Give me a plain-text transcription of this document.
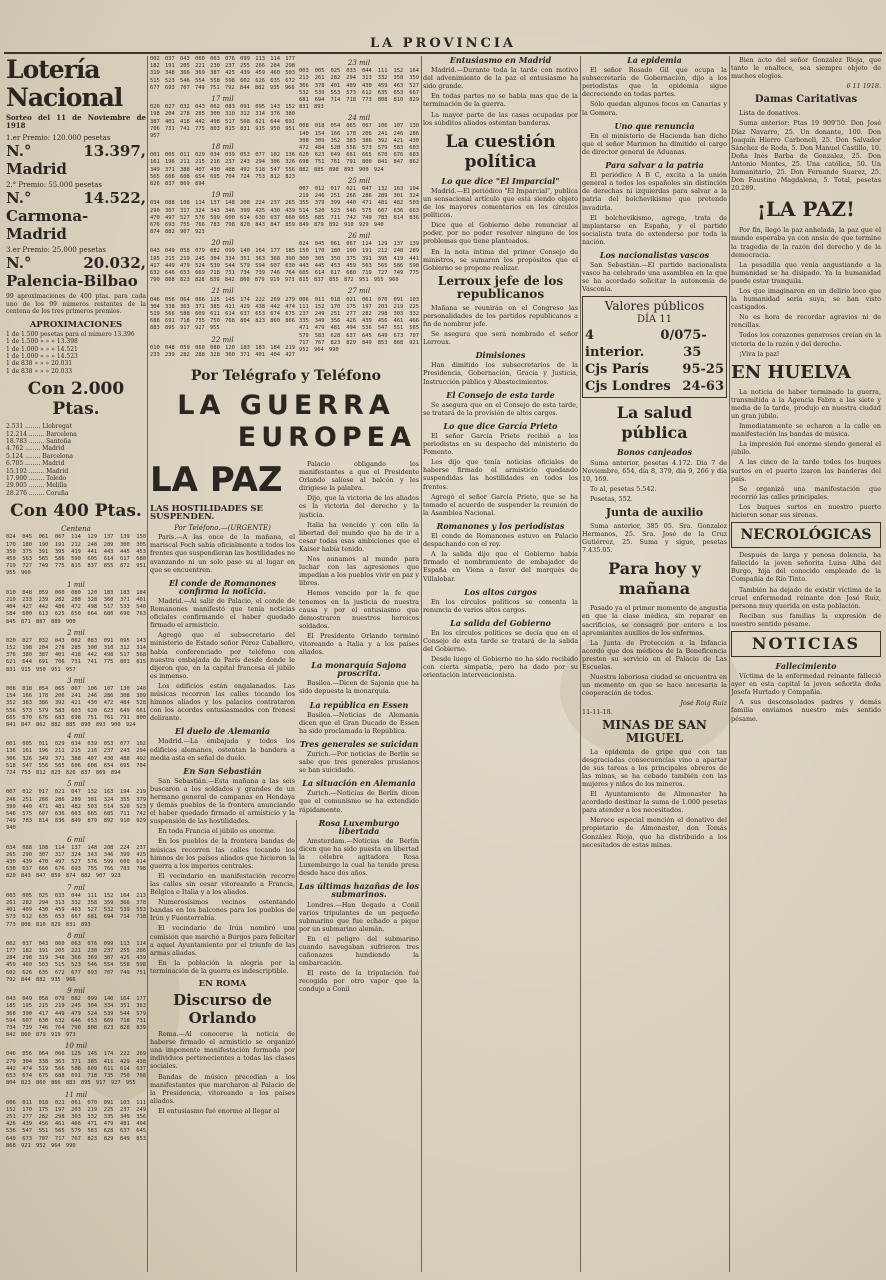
LA PROVINCIA
Lotería Nacional
Sorteo del 11 de Noviembre de 1918
1.er Premio: 120.000 pesetas
N.° 13.397, Madrid
2.° Premio: 55.000 pesetas
N.° 14.522, Carmona-Madrid
3.er Premio: 25.000 pesetas
N.° 20.032, Palencia-Bilbao
99 aproximaciones de 400 ptas. para cada uno de los 99 números restantes de la centena de los tres primeros premios.
APROXIMACIONES
1 de 1.500 pesetas para el número 13.396
1 de 1.500 » » » 13.398
1 de 1.000 » » » 14.521
1 de 1.000 » » » 14.523
1 de 838 » » » 20.031
1 de 838 » » » 20.033
Con 2.000 Ptas.
2.531 ........ Llobregat
12.214 ........ Barcelona
18.783 ........ Santoña
4.762 ........ Madrid
5.124 ........ Barcelona
6.705 ........ Madrid
15.192 ........ Madrid
17.900 ........ Toledo
29.905 ........ Melilla
28.276 ........ Coruña
Con 400 Ptas.
Centena
024 045 061 067 114 129 137 139 150 170 180 190 191 212 248 289 300 305 350 375 391 395 419 441 443 445 453 459 563 565 586 590 605 614 617 680 719 727 749 775 815 837 855 872 951 955 960
1 mil
010 048 059 060 080 120 183 183 184 219 233 239 282 288 328 360 371 401 404 427 442 486 472 498 517 533 540 584 600 613 625 650 664 680 690 763 845 871 887 889 900
2 mil
020 027 032 043 062 083 091 095 143 152 198 204 278 285 300 310 312 314 376 380 387 401 418 442 498 517 568 621 644 691 706 731 741 775 803 815 831 915 950 951 957
3 mil
008 018 054 065 067 106 107 130 140 154 166 178 206 241 246 286 308 309 352 383 386 392 421 430 472 484 528 556 573 579 583 603 620 623 649 661 665 670 676 683 698 751 761 791 800 841 847 862 882 885 890 893 900 924
4 mil
001 005 011 029 034 039 053 077 102 136 161 196 211 215 216 237 243 294 306 326 349 371 388 407 430 488 492 518 547 556 565 606 608 654 695 704 724 753 812 823 826 837 869 894
5 mil
007 012 017 021 047 132 163 194 219 246 251 266 286 289 301 324 355 379 399 440 471 481 482 503 514 520 523 546 575 607 636 663 665 685 711 742 749 783 814 836 849 879 892 910 929 940
6 mil
034 088 108 114 137 148 208 224 237 265 290 307 317 324 343 346 399 425 430 439 470 497 527 576 599 600 614 630 637 660 676 693 755 766 783 798 820 843 847 859 874 882 907 923
7 mil
003 005 025 033 044 111 152 164 213 261 282 294 313 332 358 359 366 378 401 409 430 459 463 527 532 539 553 573 612 635 653 667 681 694 714 718 773 808 810 829 831 893
8 mil
002 037 043 060 063 076 099 113 114 177 182 191 205 221 230 237 255 266 284 298 319 348 366 369 387 425 439 459 460 503 515 523 546 554 558 598 602 626 635 672 677 693 707 749 751 792 844 882 935 966
9 mil
043 049 058 079 082 099 140 164 177 185 195 215 219 245 304 334 351 363 368 390 417 449 479 524 539 544 579 594 607 630 632 646 653 669 718 731 734 739 746 764 790 808 823 828 839 842 860 879 919 973
10 mil
046 056 064 066 125 145 174 222 269 279 304 338 363 371 385 411 429 438 442 474 519 566 588 609 611 614 637 653 674 675 688 691 718 735 750 768 804 823 860 866 883 895 917 927 955
11 mil
006 011 018 021 061 070 091 103 111 152 170 175 197 203 219 225 237 249 251 277 282 298 303 332 335 349 356 426 439 456 461 466 471 479 481 494 536 547 551 565 579 583 628 637 645 649 673 707 717 767 823 829 849 853 868 921 952 964 990
002 037 043 060 063 076 099 113 114 177 182 191 205 221 230 237 255 266 284 298 319 348 366 369 387 425 439 459 460 503 515 523 546 554 558 598 602 626 635 672 677 693 707 749 751 792 844 882 935 966
17 mil
020 027 032 043 062 083 091 095 143 152 198 204 278 285 300 310 312 314 376 380 387 401 418 442 498 517 568 621 644 691 706 731 741 775 803 815 831 915 950 951 957
18 mil
001 005 011 029 034 039 053 077 102 136 161 196 211 215 216 237 243 294 306 326 349 371 388 407 430 488 492 518 547 556 565 606 608 654 695 704 724 753 812 823 826 837 869 894
19 mil
034 088 108 114 137 148 208 224 237 265 290 307 317 324 343 346 399 425 430 439 470 497 527 576 599 600 614 630 637 660 676 693 755 766 783 798 820 843 847 859 874 882 907 923
20 mil
043 049 058 079 082 099 140 164 177 185 195 215 219 245 304 334 351 363 368 390 417 449 479 524 539 544 579 594 607 630 632 646 653 669 718 731 734 739 746 764 790 808 823 828 839 842 860 879 919 973
21 mil
046 056 064 066 125 145 174 222 269 279 304 338 363 371 385 411 429 438 442 474 519 566 588 609 611 614 637 653 674 675 688 691 718 735 750 768 804 823 860 866 883 895 917 927 955
22 mil
010 048 059 060 080 120 183 183 184 219 233 239 282 288 328 360 371 401 404 427
23 mil
003 005 025 033 044 111 152 164 213 261 282 294 313 332 358 359 366 378 401 409 430 459 463 527 532 539 553 573 612 635 653 667 681 694 714 718 773 808 810 829 831 893
24 mil
008 018 054 065 067 106 107 130 140 154 166 178 206 241 246 286 308 309 352 383 386 392 421 430 472 484 528 556 573 579 583 603 620 623 649 661 665 670 676 683 698 751 761 791 800 841 847 862 882 885 890 893 900 924
25 mil
007 012 017 021 047 132 163 194 219 246 251 266 286 289 301 324 355 379 399 440 471 481 482 503 514 520 523 546 575 607 636 663 665 685 711 742 749 783 814 836 849 879 892 910 929 940
26 mil
024 045 061 067 114 129 137 139 150 170 180 190 191 212 248 289 300 305 350 375 391 395 419 441 443 445 453 459 563 565 586 590 605 614 617 680 719 727 749 775 815 837 855 872 951 955 960
27 mil
006 011 018 021 061 070 091 103 111 152 170 175 197 203 219 225 237 249 251 277 282 298 303 332 335 349 356 426 439 456 461 466 471 479 481 494 536 547 551 565 579 583 628 637 645 649 673 707 717 767 823 829 849 853 868 921 952 964 990
Por Telégrafo y Teléfono
LA GUERRA
EUROPEA
LA PAZ
LAS HOSTILIDADES SE SUSPENDEN.
Por Teléfono.—(URGENTE)

París.—A las once de la mañana, el mariscal Foch sabía oficialmente a todos los frentes que suspendieran las hostilidades no avanzando ni un solo paso su al lugar en que se encuentren.

El conde de Romanones confirma la noticia.

Madrid.—Al salir de Palacio, el conde de Romanones manifestó que tenía noticias oficiales confirmando el haber quedado firmado el armisticio.

Agregó que el subsecretario del ministerio de Estado señor Pérez Caballero, había conferenciado por teléfono con nuestra embajada de París desde donde le dijeron que, en la capital francesa el júbilo es inmenso.

Los edificios están engalanados. Las músicas recorren las calles tocando los himnos aliados y los palacios contrataron con los acordes entusiasmados con frenesí delirante.

El duelo de Alemania

Madrid.—La embajada y todos los edificios alemanes, ostentan la bandera a media asta en señal de duelo.

En San Sebastián

San Sebastián.—Esta mañana a las seis buscaron a los soldados y grandes de un hermano general de campanas en Hendaya y demás pueblos de la frontera anunciando el haber quedado firmado el armisticio y la suspensión de las hostilidades.

En toda Francia el júbilo es enorme.

En los pueblos de la frontera bandas de músicas recorren las calles tocando los himnos de los países aliados que hicieron la guerra a los imperios centrales.

El vecindario en manifestación recorre las calles sin cesar vitoreando a Francia, Bélgica e Italia y a los aliados.

Numerosísimos vecinos ostentando bandas en los balcones para los pueblos de Irún y Fuenterrabía.

El vecindario de Irún nombró una comisión que marchó a Burgos para felicitar a aquel Ayuntamiento por el triunfo de las armas aliadas.

En la población la alegría por la terminación de la guerra es indescriptible.

EN ROMA
Discurso de Orlando

Roma.—Al conocerse la noticia de haberse firmado el armisticio se organizó una imponente manifestación formada por individuos pertenecientes a todas las clases sociales.

Bandas de música precedían a los manifestantes que marcharon al Palacio de la Presidencia, vitoreando a los países aliados.

El entusiasmo fué enorme al llegar al

Palacio obligando los manifestantes a que el Presidente Orlando saliese al balcón y les dirigiese la palabra.

Dijo, que la victoria de los aliados es la victoria del derecho y la justicia.

Italia ha vencido y con ella la libertad del mundo que ha de ir a cesar todas esas ambiciones que el Kaiser había tenido.

Nos aunamos al mundo para luchar con las agresiones que impedían a los pueblos vivir en paz y libres.

Hemos vencido por la fe que tenemos en la justicia de nuestra causa y por el entusiasmo que demostraron nuestros heroicos soldados.

El Presidente Orlando terminó vitoreando a Italia y a los países aliados.

La monarquía Sajona proscrita.

Basilea.—Dicen de Sajonia que ha sido depuesta la monarquía.

La república en Essen

Basilea.—Noticias de Alemania dicen que el Gran Ducado de Essen ha sido proclamada la República.

Tres generales se suicidan

Zurich.—Por noticias de Berlín se sabe que tres generales prusianos se han suicidado.

La situación en Alemania

Zurich.—Noticias de Berlín dicen que el comunismo se ha extendido rápidamente.

Rosa Luxemburgo libertada

Amsterdam.—Noticias de Berlín dicen que ha sido puesta en libertad la célebre agitadora Rosa Luxemburgo la cual ha tenido presa desde hace dos años.

Las últimas hazañas de los submarinos.

Londres.—Han llegado a Conil varios tripulantes de un pequeño submarino que fue echado a pique por un submarino alemán.

En el peligro del submarino cuando navegaban sufrieron tres cañonazos hundiendo la embarcación.

El resto de la tripulación fué recogida por otro vapor que la condujo a Conil

Entusiasmo en Madrid

Madrid.—Durante toda la tarde con motivo del advenimiento de la paz el entusiasmo ha sido grande.

En todas partes no se habla mas que de la terminación de la guerra.

La mayor parte de las casas ocupadas por los súbditos aliados ostentan banderas.

La cuestión política
Lo que dice "El Imparcial"

Madrid.—El periódico "El Imparcial", publica un sensacional artículo que está siendo objeto de los mayores comentarios en los círculos políticos.

Dice que el Gobierno debe renunciar al poder, por no poder resolver ninguno de los problemas que tiene planteados.

En la nota íntima del primer Consejo de ministros, se sumaron los propósitos que el Gobierno se propone realizar.

Lerroux jefe de los republicanos

Mañana se reunirán en el Congreso las personalidades de los partidos republicanos a fin de nombrar jefe.

Se asegura que será nombrado el señor Lerroux.

Dimisiones

Han dimitido los subsecretarios de la Presidencia, Gobernación, Gracia y Justicia, Instrucción pública y Abastecimientos.

El Consejo de esta tarde

Se asegura que en el Consejo de esta tarde, se tratará de la provisión de altos cargos.

Lo que dice García Prieto

El señor García Prieto recibió a los periodistas en su despacho del ministerio de Fomento.

Les dijo que tenía noticias oficiales de haberse firmado el armisticio quedando suspendidas las hostilidades en todos los frentes.

Agregó el señor García Prieto, que se ha tomado el acuerdo de suspender la reunión de la Asamblea Nacional.

Romanones y los periodistas

El conde de Romanones estuvo en Palacio despachando con el rey.

A la salida dijo que el Gobierno había firmado el nombramiento de embajador de España en Viena a favor del marqués de Villalobar.

Los altos cargos

En los círculos políticos se comenta la renuncia de varios altos cargos.

La salida del Gobierno

En los círculos políticos se decía que en el Consejo de esta tarde se tratará de la salida del Gobierno.

Desde luego el Gobierno no ha sido recibido con cierta simpatía, pero ha dado por su orientación intervencionista.

La epidemia

El señor Rosado Gil que ocupa la subsecretaría de Gobernación, dijo a los periodistas que la epidemia sigue decreciendo en todas partes.

Sólo quedan algunos focos en Canarias y la Gomera.

Uno que renuncia

En el ministerio de Hacienda han dicho que el señor Marimon ha dimitido el cargo de director general de Aduanas.

Para salvar a la patria

El periódico A B C, excita a la unión general a todos los españoles sin distinción de derechas ni izquierdas para salvar a la patria del bolchevikismo que pretende invadirla.

El bolchevikismo, agrega, trata de implantarse en España, y el partido socialista trata de extenderse por toda la nación.

Los nacionalistas vascos

San Sebastián.—El partido nacionalista vasco ha celebrado una asamblea en la que se ha acordado solicitar la autonomía de Vasconia.

Valores públicos
DÍA 11
4 0/0 interior.
75-35
Cjs París	95-25
Cjs Londres 24-63
La salud pública
Bonos canjeados

Suma anterior, pesetas 4.172. Día 7 de Noviembre, 654, día 8, 379, día 9, 266 y día 10, 169.

To al, pesetas 5.542.

Pesetas, 552.

Junta de auxilio

Suma anterior, 385 05. Sra. Gonzalez Hermanos, 25. Sra. José de la Cruz Gutiérrez, 25. Suma y sigue, pesetas 7.435.05.

Para hoy y mañana

Pasado ya el primer momento de angustia en que la clase médica, sin reparar en sacrificios, se consagró por entero a los apremiantes auxilios de los enfermos.

La Junta de Protección a la Infancia acordó que dos médicos de la Beneficencia presten su servicio en el Palacio de Las Escuelas.

Nuestra laboriosa ciudad se encuentra en un momento en que se hace necesaria la cooperación de todos.

José Roig Ruiz
11-11-18.
MINAS DE SAN MIGUEL

La epidemia de gripe que con tan desgraciadas consecuencias vino a apartar de sus tareas a los principales obreros de las minas, se ha cebado también con las mujeres y niños de los mineros.

El Ayuntamiento de Almonaster ha acordado destinar la suma de 1.000 pesetas para atender a los necesitados.

Merece especial mención el donativo del propietario de Almonaster, don Tomás González Rioja, que ha distribuido a los necesitados de estas minas.

Bien acto del señor Gonzalez Rioja, que tanto le enaltece, sea siempre objeto de muchos elogios.

6 11 1918.
Damas Caritativas

Lista de donativos.

Suma anterior: Ptas 19 909'50. Don José Díaz Navarro, 25. Un donante, 100. Don Joaquín Hierro Carbonell, 25. Don Salvador Sánchez de Roda, 5. Don Manuel Castillo, 10. Doña Inés Barba de Gonzalez, 25. Don Antonio Montes, 25. Una católica, 50. Un humanitario, 25. Don Fernando Suarez, 25. Don Faustino Magdalena, 5. Total, pesetas 20.289.

¡LA PAZ!

Por fin, llegó la paz anhelada, la paz que el mundo esperaba ya con ansia de que termine la tragedia de la razón del derecho y de la democracia.

La pesadilla que venía angustiando a la humanidad se ha disipado. Ya la humanidad puede estar tranquila.

Los que imaginaron en un delirio loco que la humanidad sería suya, se han visto castigados.

No es hora de recordar agravios ni de rencillas.

Todos los corazones generosos creían en la victoria de la razón y del derecho.

¡Viva la paz!

EN HUELVA

La noticia de haber terminado la guerra, transmitida a la Agencia Fabra a las siete y media de la tarde, produjo en nuestra ciudad un gran júbilo.

Inmediatamente se echaron a la calle en manifestación las bandas de música.

La impresión fué enorme siendo general el júbilo.

A las cinco de la tarde todos los buques surtos en el puerto izaron las banderas del país.

Se organizó una manifestación que recorrió las calles principales.

Los buques surtos en nuestro puerto hicieron sonar sus sirenas.

NECROLÓGICAS

Después de larga y penosa dolencia, ha fallecido la joven señorita Luisa Alba del Burgo, hija del conocido empleado de la Compañía de Río Tinto.

También ha dejado de existir víctima de la cruel enfermedad reinante don José Ruiz, persona muy querida en esta población.

Reciban sus familias la expresión de nuestro sentido pésame.

NOTICIAS
Fallecimiento

Víctima de la enfermedad reinante falleció ayer en esta capital la joven señorita doña Josefa Hurtado y Compañía.

A sus desconsolados padres y demás familia enviamos nuestro más sentido pésame.
